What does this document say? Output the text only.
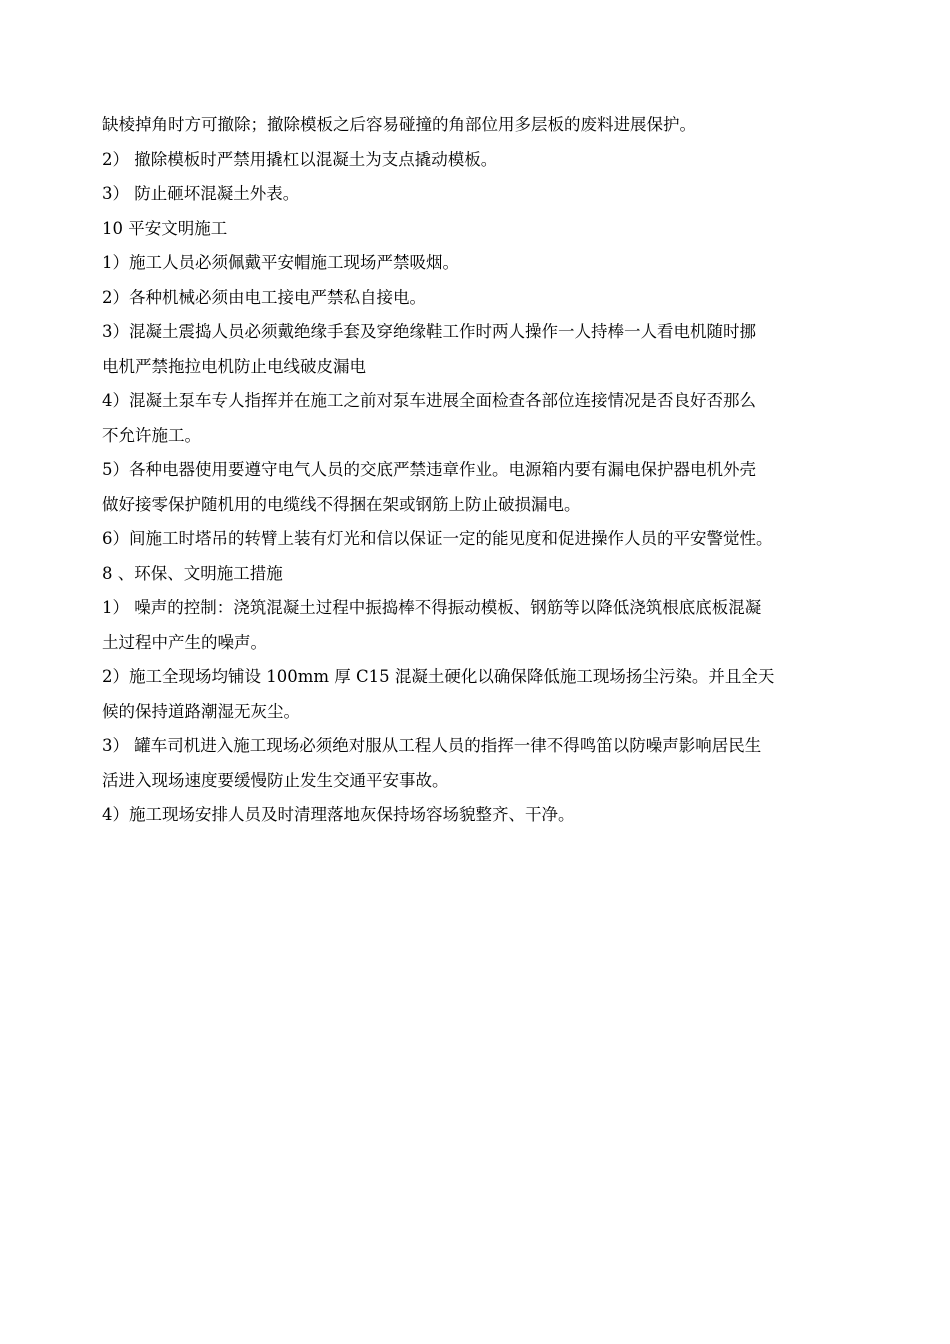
缺棱掉角时方可撤除；撤除模板之后容易碰撞的角部位用多层板的废料进展保护。
2） 撤除模板时严禁用撬杠以混凝土为支点撬动模板。
3） 防止砸坏混凝土外表。
10 平安文明施工
1）施工人员必须佩戴平安帽施工现场严禁吸烟。
2）各种机械必须由电工接电严禁私自接电。
3）混凝土震捣人员必须戴绝缘手套及穿绝缘鞋工作时两人操作一人持棒一人看电机随时挪
电机严禁拖拉电机防止电线破皮漏电
4）混凝土泵车专人指挥并在施工之前对泵车进展全面检查各部位连接情况是否良好否那么
不允许施工。
5）各种电器使用要遵守电气人员的交底严禁违章作业。电源箱内要有漏电保护器电机外壳
做好接零保护随机用的电缆线不得捆在架或钢筋上防止破损漏电。
6）间施工时塔吊的转臂上装有灯光和信以保证一定的能见度和促进操作人员的平安警觉性。
8 、环保、文明施工措施
1） 噪声的控制：浇筑混凝土过程中振捣棒不得振动模板、钢筋等以降低浇筑根底底板混凝
土过程中产生的噪声。
2）施工全现场均铺设 100mm 厚 C15 混凝土硬化以确保降低施工现场扬尘污染。并且全天
候的保持道路潮湿无灰尘。
3） 罐车司机进入施工现场必须绝对服从工程人员的指挥一律不得鸣笛以防噪声影响居民生
活进入现场速度要缓慢防止发生交通平安事故。
4）施工现场安排人员及时清理落地灰保持场容场貌整齐、干净。
